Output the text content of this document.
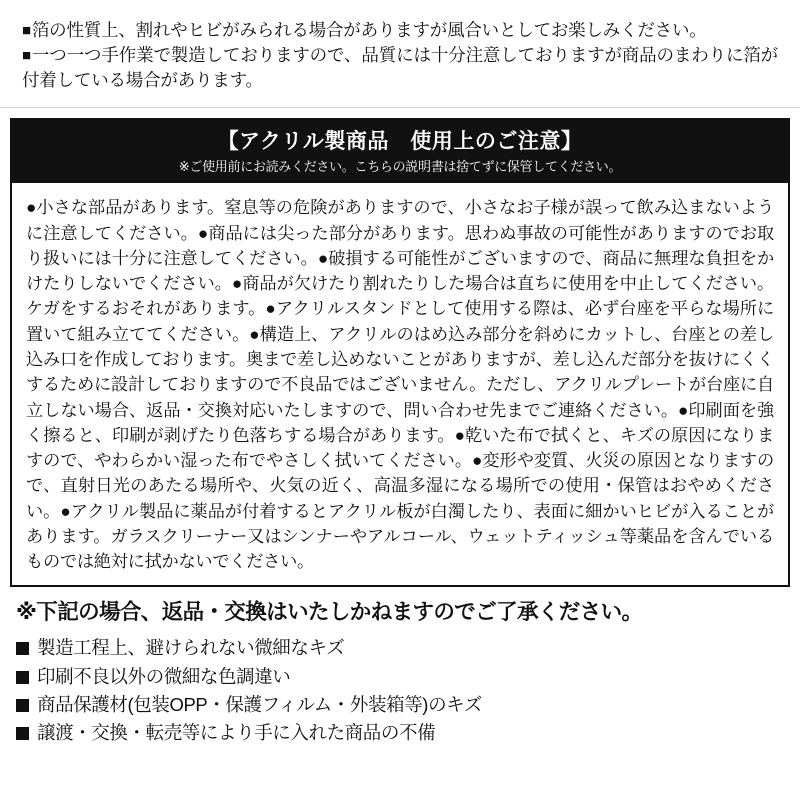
■箔の性質上、割れやヒビがみられる場合がありますが風合いとしてお楽しみください。
■一つ一つ手作業で製造しておりますので、品質には十分注意しておりますが商品のまわりに箔が付着している場合があります。
【アクリル製商品　使用上のご注意】
※ご使用前にお読みください。こちらの説明書は捨てずに保管してください。
●小さな部品があります。窒息等の危険がありますので、小さなお子様が誤って飲み込まないように注意してください。●商品には尖った部分があります。思わぬ事故の可能性がありますのでお取り扱いには十分に注意してください。●破損する可能性がございますので、商品に無理な負担をかけたりしないでください。●商品が欠けたり割れたりした場合は直ちに使用を中止してください。ケガをするおそれがあります。●アクリルスタンドとして使用する際は、必ず台座を平らな場所に置いて組み立ててください。●構造上、アクリルのはめ込み部分を斜めにカットし、台座との差し込み口を作成しております。奥まで差し込めないことがありますが、差し込んだ部分を抜けにくくするために設計しておりますので不良品ではございません。ただし、アクリルプレートが台座に自立しない場合、返品・交換対応いたしますので、問い合わせ先までご連絡ください。●印刷面を強く擦ると、印刷が剥げたり色落ちする場合があります。●乾いた布で拭くと、キズの原因になりますので、やわらかい湿った布でやさしく拭いてください。●変形や変質、火災の原因となりますので、直射日光のあたる場所や、火気の近く、高温多湿になる場所での使用・保管はおやめください。●アクリル製品に薬品が付着するとアクリル板が白濁したり、表面に細かいヒビが入ることがあります。ガラスクリーナー又はシンナーやアルコール、ウェットティッシュ等薬品を含んでいるものでは絶対に拭かないでください。
※下記の場合、返品・交換はいたしかねますのでご了承ください。
製造工程上、避けられない微細なキズ
印刷不良以外の微細な色調違い
商品保護材(包装OPP・保護フィルム・外装箱等)のキズ
譲渡・交換・転売等により手に入れた商品の不備
